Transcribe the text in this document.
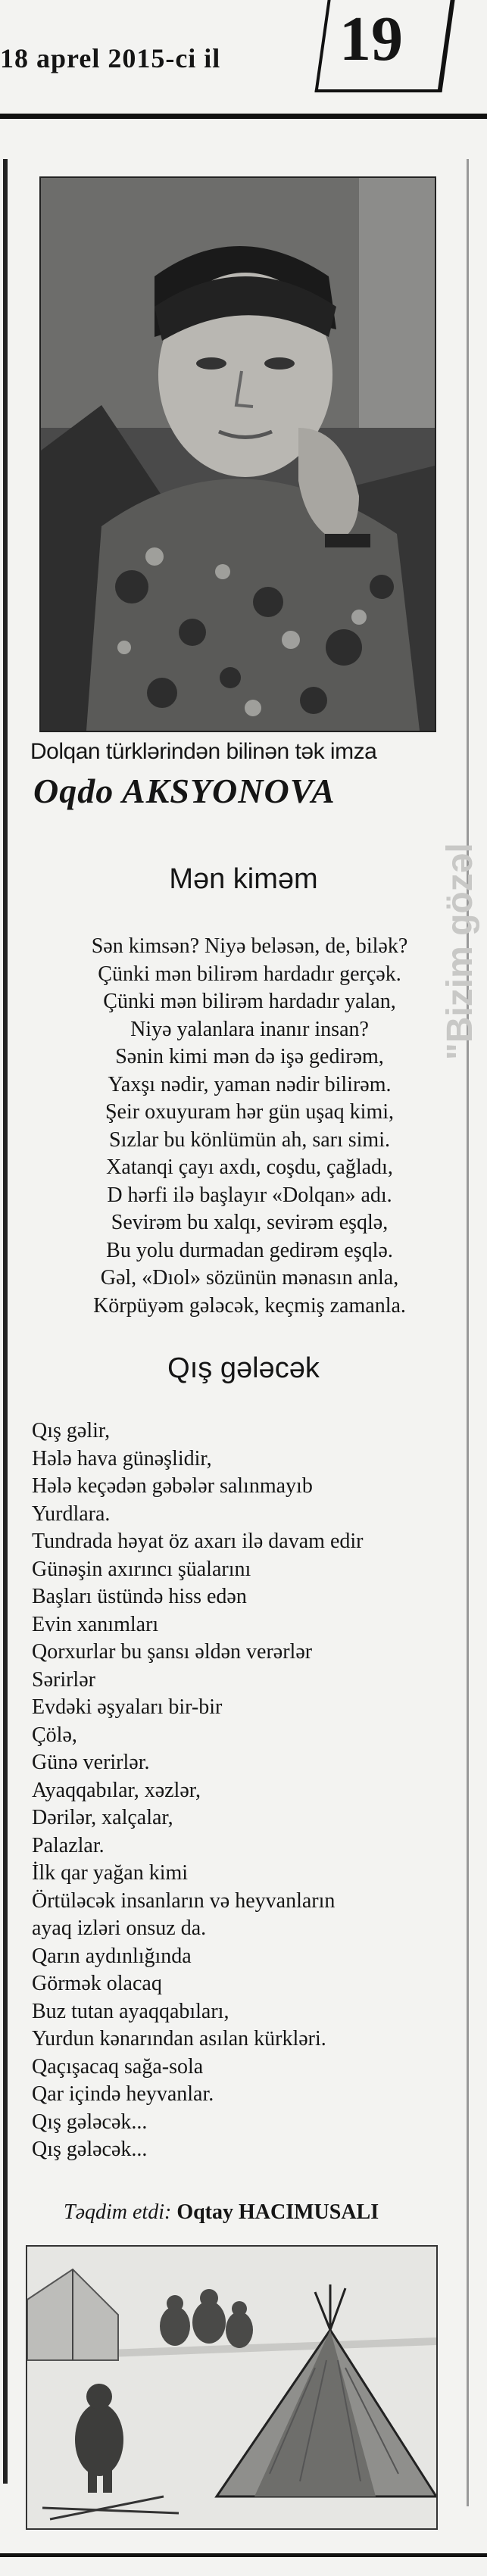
18 aprel 2015-ci il 19
"Bizim gözəl
Dolqan türklərindən bilinən tək imza
Oqdo AKSYONOVA
Mən kiməm
Sən kimsən? Niyə beləsən, de, bilək?
Çünki mən bilirəm hardadır gerçək.
Çünki mən bilirəm hardadır yalan,
Niyə yalanlara inanır insan?
Sənin kimi mən də işə gedirəm,
Yaxşı nədir, yaman nədir bilirəm.
Şeir oxuyuram hər gün uşaq kimi,
Sızlar bu könlümün ah, sarı simi.
Xatanqi çayı axdı, coşdu, çağladı,
D hərfi ilə başlayır «Dolqan» adı.
Sevirəm bu xalqı, sevirəm eşqlə,
Bu yolu durmadan gedirəm eşqlə.
Gəl, «Dıol» sözünün mənasın anla,
Körpüyəm gələcək, keçmiş zamanla.
Qış gələcək
Qış gəlir,
Hələ hava günəşlidir,
Hələ keçədən gəbələr salınmayıb
Yurdlara.
Tundrada həyat öz axarı ilə davam edir
Günəşin axırıncı şüalarını
Başları üstündə hiss edən
Evin xanımları
Qorxurlar bu şansı əldən verərlər
Sərirlər
Evdəki əşyaları bir-bir
Çölə,
Günə verirlər.
Ayaqqabılar, xəzlər,
Dərilər, xalçalar,
Palazlar.
İlk qar yağan kimi
Örtüləcək insanların və heyvanların
ayaq izləri onsuz da.
Qarın aydınlığında
Görmək olacaq
Buz tutan ayaqqabıları,
Yurdun kənarından asılan kürkləri.
Qaçışacaq sağa-sola
Qar içində heyvanlar.
Qış gələcək...
Qış gələcək...
Təqdim etdi: Oqtay HACIMUSALI
